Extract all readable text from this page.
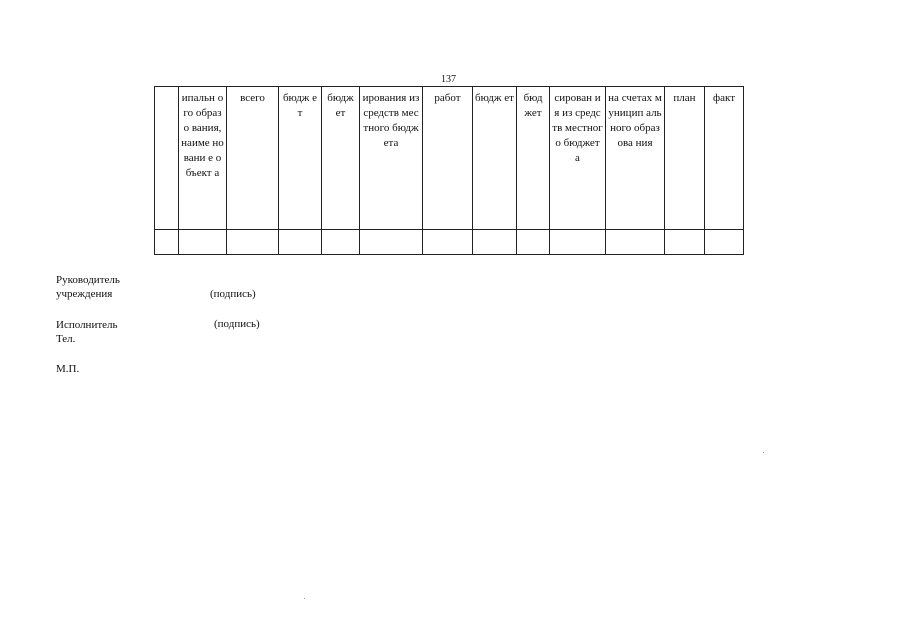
137
	ипальн ого образо вания, наиме новани е объект а	всего	бюдж ет	бюдж ет	ирования из средств местного бюджета	работ	бюдж ет	бюд жет	сирован ия из средств местног о бюджет а	на счетах муницип ального образова ния	план	факт

Руководитель
учреждения	(подпись)
Исполнитель	(подпись)
Тел.
М.П.
